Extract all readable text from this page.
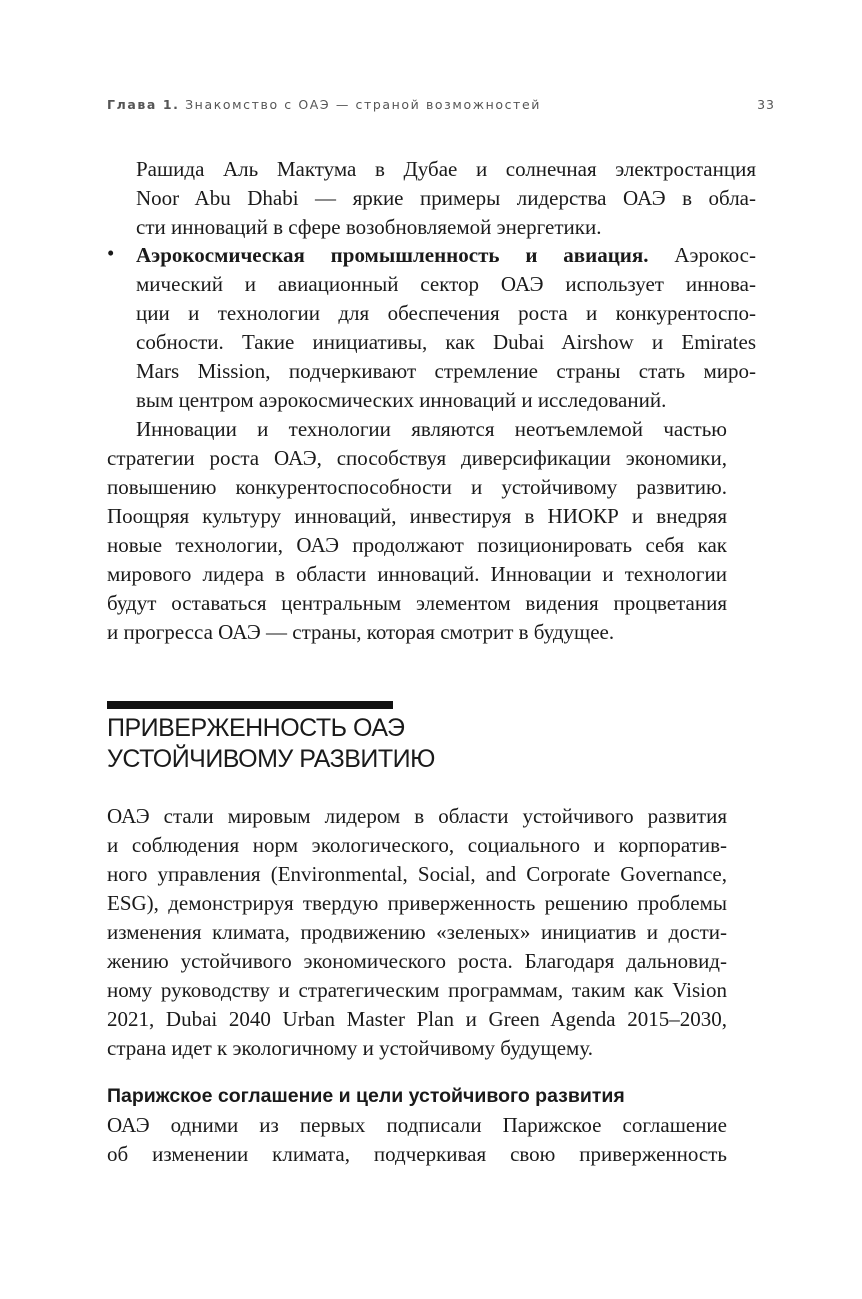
Глава 1. Знакомство с ОАЭ — страной возможностей	33
Рашида Аль Мактума в Дубае и солнечная электростанция
Noor Abu Dhabi — яркие примеры лидерства ОАЭ в обла-
сти инноваций в сфере возобновляемой энергетики.
• Аэрокосмическая промышленность и авиация. Аэрокос-
мический и авиационный сектор ОАЭ использует иннова-
ции и технологии для обеспечения роста и конкурентоспо-
собности. Такие инициативы, как Dubai Airshow и Emirates
Mars Mission, подчеркивают стремление страны стать миро-
вым центром аэрокосмических инноваций и исследований.
Инновации и технологии являются неотъемлемой частью
стратегии роста ОАЭ, способствуя диверсификации экономики,
повышению конкурентоспособности и устойчивому развитию.
Поощряя культуру инноваций, инвестируя в НИОКР и внедряя
новые технологии, ОАЭ продолжают позиционировать себя как
мирового лидера в области инноваций. Инновации и технологии
будут оставаться центральным элементом видения процветания
и прогресса ОАЭ — страны, которая смотрит в будущее.
ПРИВЕРЖЕННОСТЬ ОАЭ
УСТОЙЧИВОМУ РАЗВИТИЮ
ОАЭ стали мировым лидером в области устойчивого развития
и соблюдения норм экологического, социального и корпоратив-
ного управления (Environmental, Social, and Corporate Governance,
ESG), демонстрируя твердую приверженность решению проблемы
изменения климата, продвижению «зеленых» инициатив и дости-
жению устойчивого экономического роста. Благодаря дальновид-
ному руководству и стратегическим программам, таким как Vision
2021, Dubai 2040 Urban Master Plan и Green Agenda 2015–2030,
страна идет к экологичному и устойчивому будущему.
Парижское соглашение и цели устойчивого развития
ОАЭ одними из первых подписали Парижское соглашение
об изменении климата, подчеркивая свою приверженность
